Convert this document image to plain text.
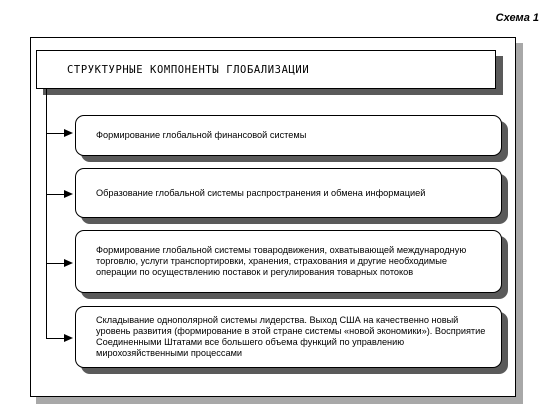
Схема 1
СТРУКТУРНЫЕ КОМПОНЕНТЫ ГЛОБАЛИЗАЦИИ
Формирование глобальной финансовой системы
Образование глобальной системы распространения и обмена информацией
Формирование глобальной системы товародвижения, охватывающей международную торговлю, услуги транспортировки, хранения, страхования и другие необходимые операции по осуществлению поставок и регулирования товарных потоков
Складывание однополярной системы лидерства. Выход США на качественно новый уровень развития (формирование в этой стране системы «новой экономики»). Восприятие Соединенными Штатами все большего объема функций по управлению мирохозяйственными процессами
